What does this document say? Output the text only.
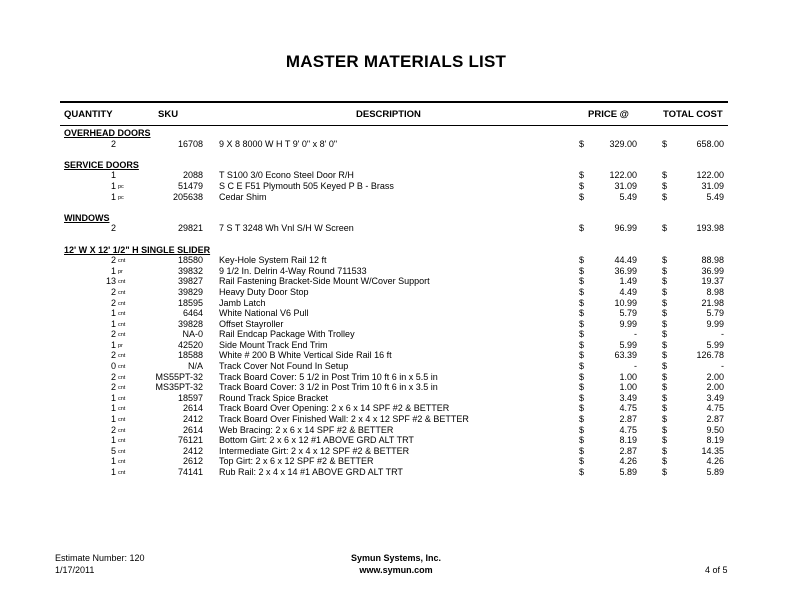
MASTER MATERIALS LIST
QUANTITY	SKU	DESCRIPTION	PRICE @	TOTAL COST
OVERHEAD DOORS
2	16708 9 X 8 8000 W H T 9' 0" x 8' 0"	$	329.00	$	658.00
SERVICE DOORS
1	2088 T S100 3/0 Econo Steel Door R/H	$	122.00	$	122.00
1 pc	51479 S C E F51 Plymouth 505 Keyed P B - Brass	$	31.09	$	31.09
1 pc	205638 Cedar Shim	$	5.49	$	5.49
WINDOWS
2	29821 7 S T 3248 Wh Vnl S/H W Screen	$	96.99	$	193.98
12' W X 12' 1/2" H SINGLE SLIDER
2 cnt	18580 Key-Hole System Rail 12 ft	$	44.49	$	88.98
1 pr	39832 9 1/2 In. Delrin 4-Way Round 711533	$	36.99	$	36.99
13 cnt	39827 Rail Fastening Bracket-Side Mount W/Cover Support	$	1.49	$	19.37
2 cnt	39829 Heavy Duty Door Stop	$	4.49	$	8.98
2 cnt	18595 Jamb Latch	$	10.99	$	21.98
1 cnt	6464 White National V6 Pull	$	5.79	$	5.79
1 cnt	39828 Offset Stayroller	$	9.99	$	9.99
2 cnt	NA-0 Rail Endcap Package With Trolley	$	-	$	-
1 pr	42520 Side Mount Track End Trim	$	5.99	$	5.99
2 cnt	18588 White # 200 B White Vertical Side Rail 16 ft	$	63.39	$	126.78
0 cnt	N/A Track Cover Not Found In Setup	$	-	$	-
2 cnt	MS55PT-32 Track Board Cover: 5 1/2 in Post Trim 10 ft 6 in x 5.5 in	$	1.00	$	2.00
2 cnt	MS35PT-32 Track Board Cover: 3 1/2 in Post Trim 10 ft 6 in x 3.5 in	$	1.00	$	2.00
1 cnt	18597 Round Track Spice Bracket	$	3.49	$	3.49
1 cnt	2614 Track Board Over Opening: 2 x 6 x 14 SPF #2 & BETTER	$	4.75	$	4.75
1 cnt	2412 Track Board Over Finished Wall: 2 x 4 x 12 SPF #2 & BETTER	$	2.87	$	2.87
2 cnt	2614 Web Bracing: 2 x 6 x 14 SPF #2 & BETTER	$	4.75	$	9.50
1 cnt	76121 Bottom Girt: 2 x 6 x 12 #1 ABOVE GRD ALT TRT	$	8.19	$	8.19
5 cnt	2412 Intermediate Girt: 2 x 4 x 12 SPF #2 & BETTER	$	2.87	$	14.35
1 cnt	2612 Top Girt: 2 x 6 x 12 SPF #2 & BETTER	$	4.26	$	4.26
1 cnt	74141 Rub Rail: 2 x 4 x 14 #1 ABOVE GRD ALT TRT	$	5.89	$	5.89
Estimate Number: 120
1/17/2011
Symun Systems, Inc.
www.symun.com	4 of 5
